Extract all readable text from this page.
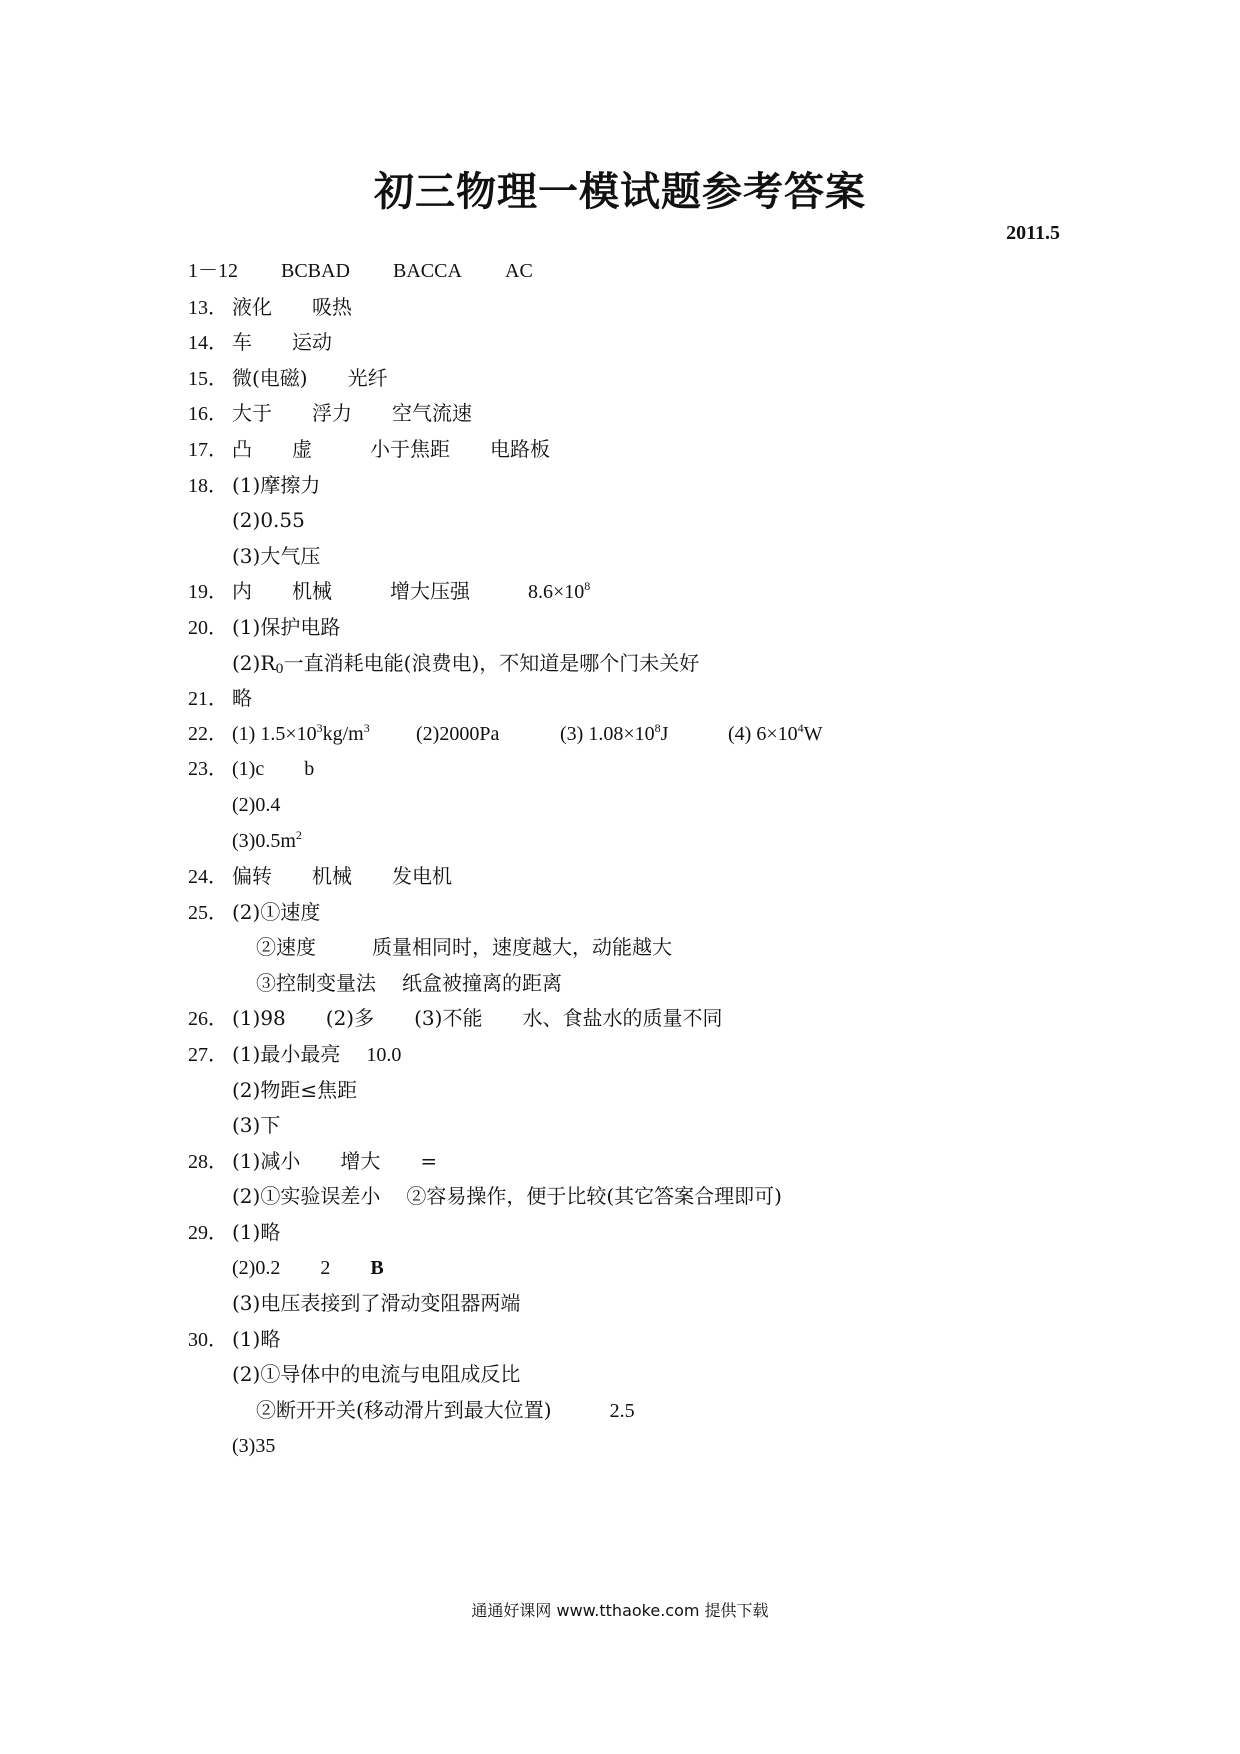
初三物理一模试题参考答案
2011.5
1－12 BCBAD BACCA AC
13． 液化 吸热
14． 车 运动
15． 微(电磁) 光纤
16． 大于 浮力 空气流速
17． 凸 虚	小于焦距 电路板
18． (1)摩擦力
(2)0.55
(3)大气压
19． 内 机械	增大压强	$8.6\times 10^8$
20． (1)保护电路
$(2)R_0$一直消耗电能(浪费电)，不知道是哪个门未关好
21． 略
22． (1) $1.5\times 10^3kg/m^3$ (2)2000Pa	(3) $1.08\times 10^8J$	(4) $6\times 10^4W$
23． (1)c b
(2)0.4
$(3)0.5m^2$
24． 偏转 机械 发电机
25． (2)①速度
②速度	质量相同时，速度越大，动能越大
③控制变量法 纸盒被撞离的距离
26． (1)98 (2)多 (3)不能 水、食盐水的质量不同
27． (1)最小最亮 10.0
(2)物距≤焦距
(3)下
28． (1)减小 增大 =
(2)①实验误差小 ②容易操作，便于比较(其它答案合理即可)
29． (1)略
(2)0.2 2 B
(3)电压表接到了滑动变阻器两端
30． (1)略
(2)①导体中的电流与电阻成反比
②断开开关(移动滑片到最大位置)	2.5
(3)35
通通好课网 www.tthaoke.com 提供下载
